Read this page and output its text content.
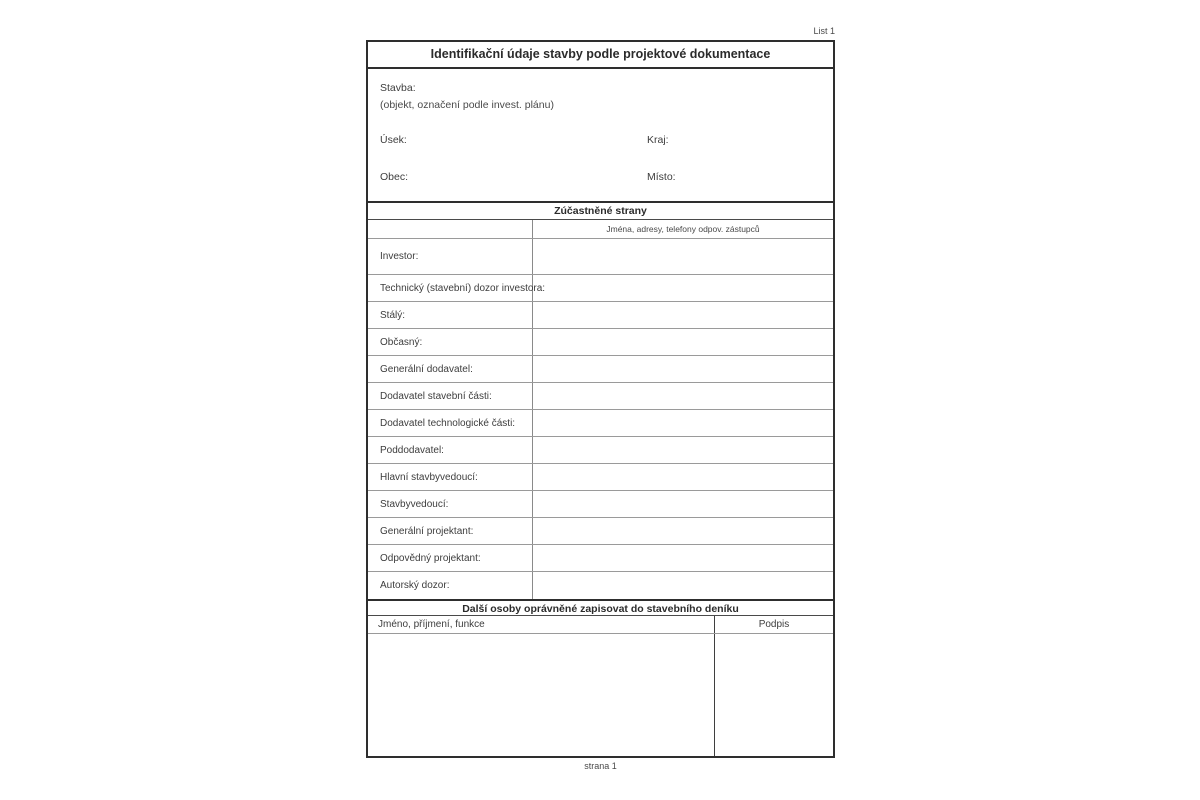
List 1
Identifikační údaje stavby podle projektové dokumentace
Stavba:
(objekt, označení podle invest. plánu)
Úsek:	Kraj:
Obec:	Místo:
Zúčastněné strany
Jména, adresy, telefony odpov. zástupců
Investor:
Technický (stavební) dozor investora:
Stálý:
Občasný:
Generální dodavatel:
Dodavatel stavební části:
Dodavatel technologické části:
Poddodavatel:
Hlavní stavbyvedoucí:
Stavbyvedoucí:
Generální projektant:
Odpovědný projektant:
Autorský dozor:
Další osoby oprávněné zapisovat do stavebního deníku
Jméno, příjmení, funkce	Podpis
strana 1
